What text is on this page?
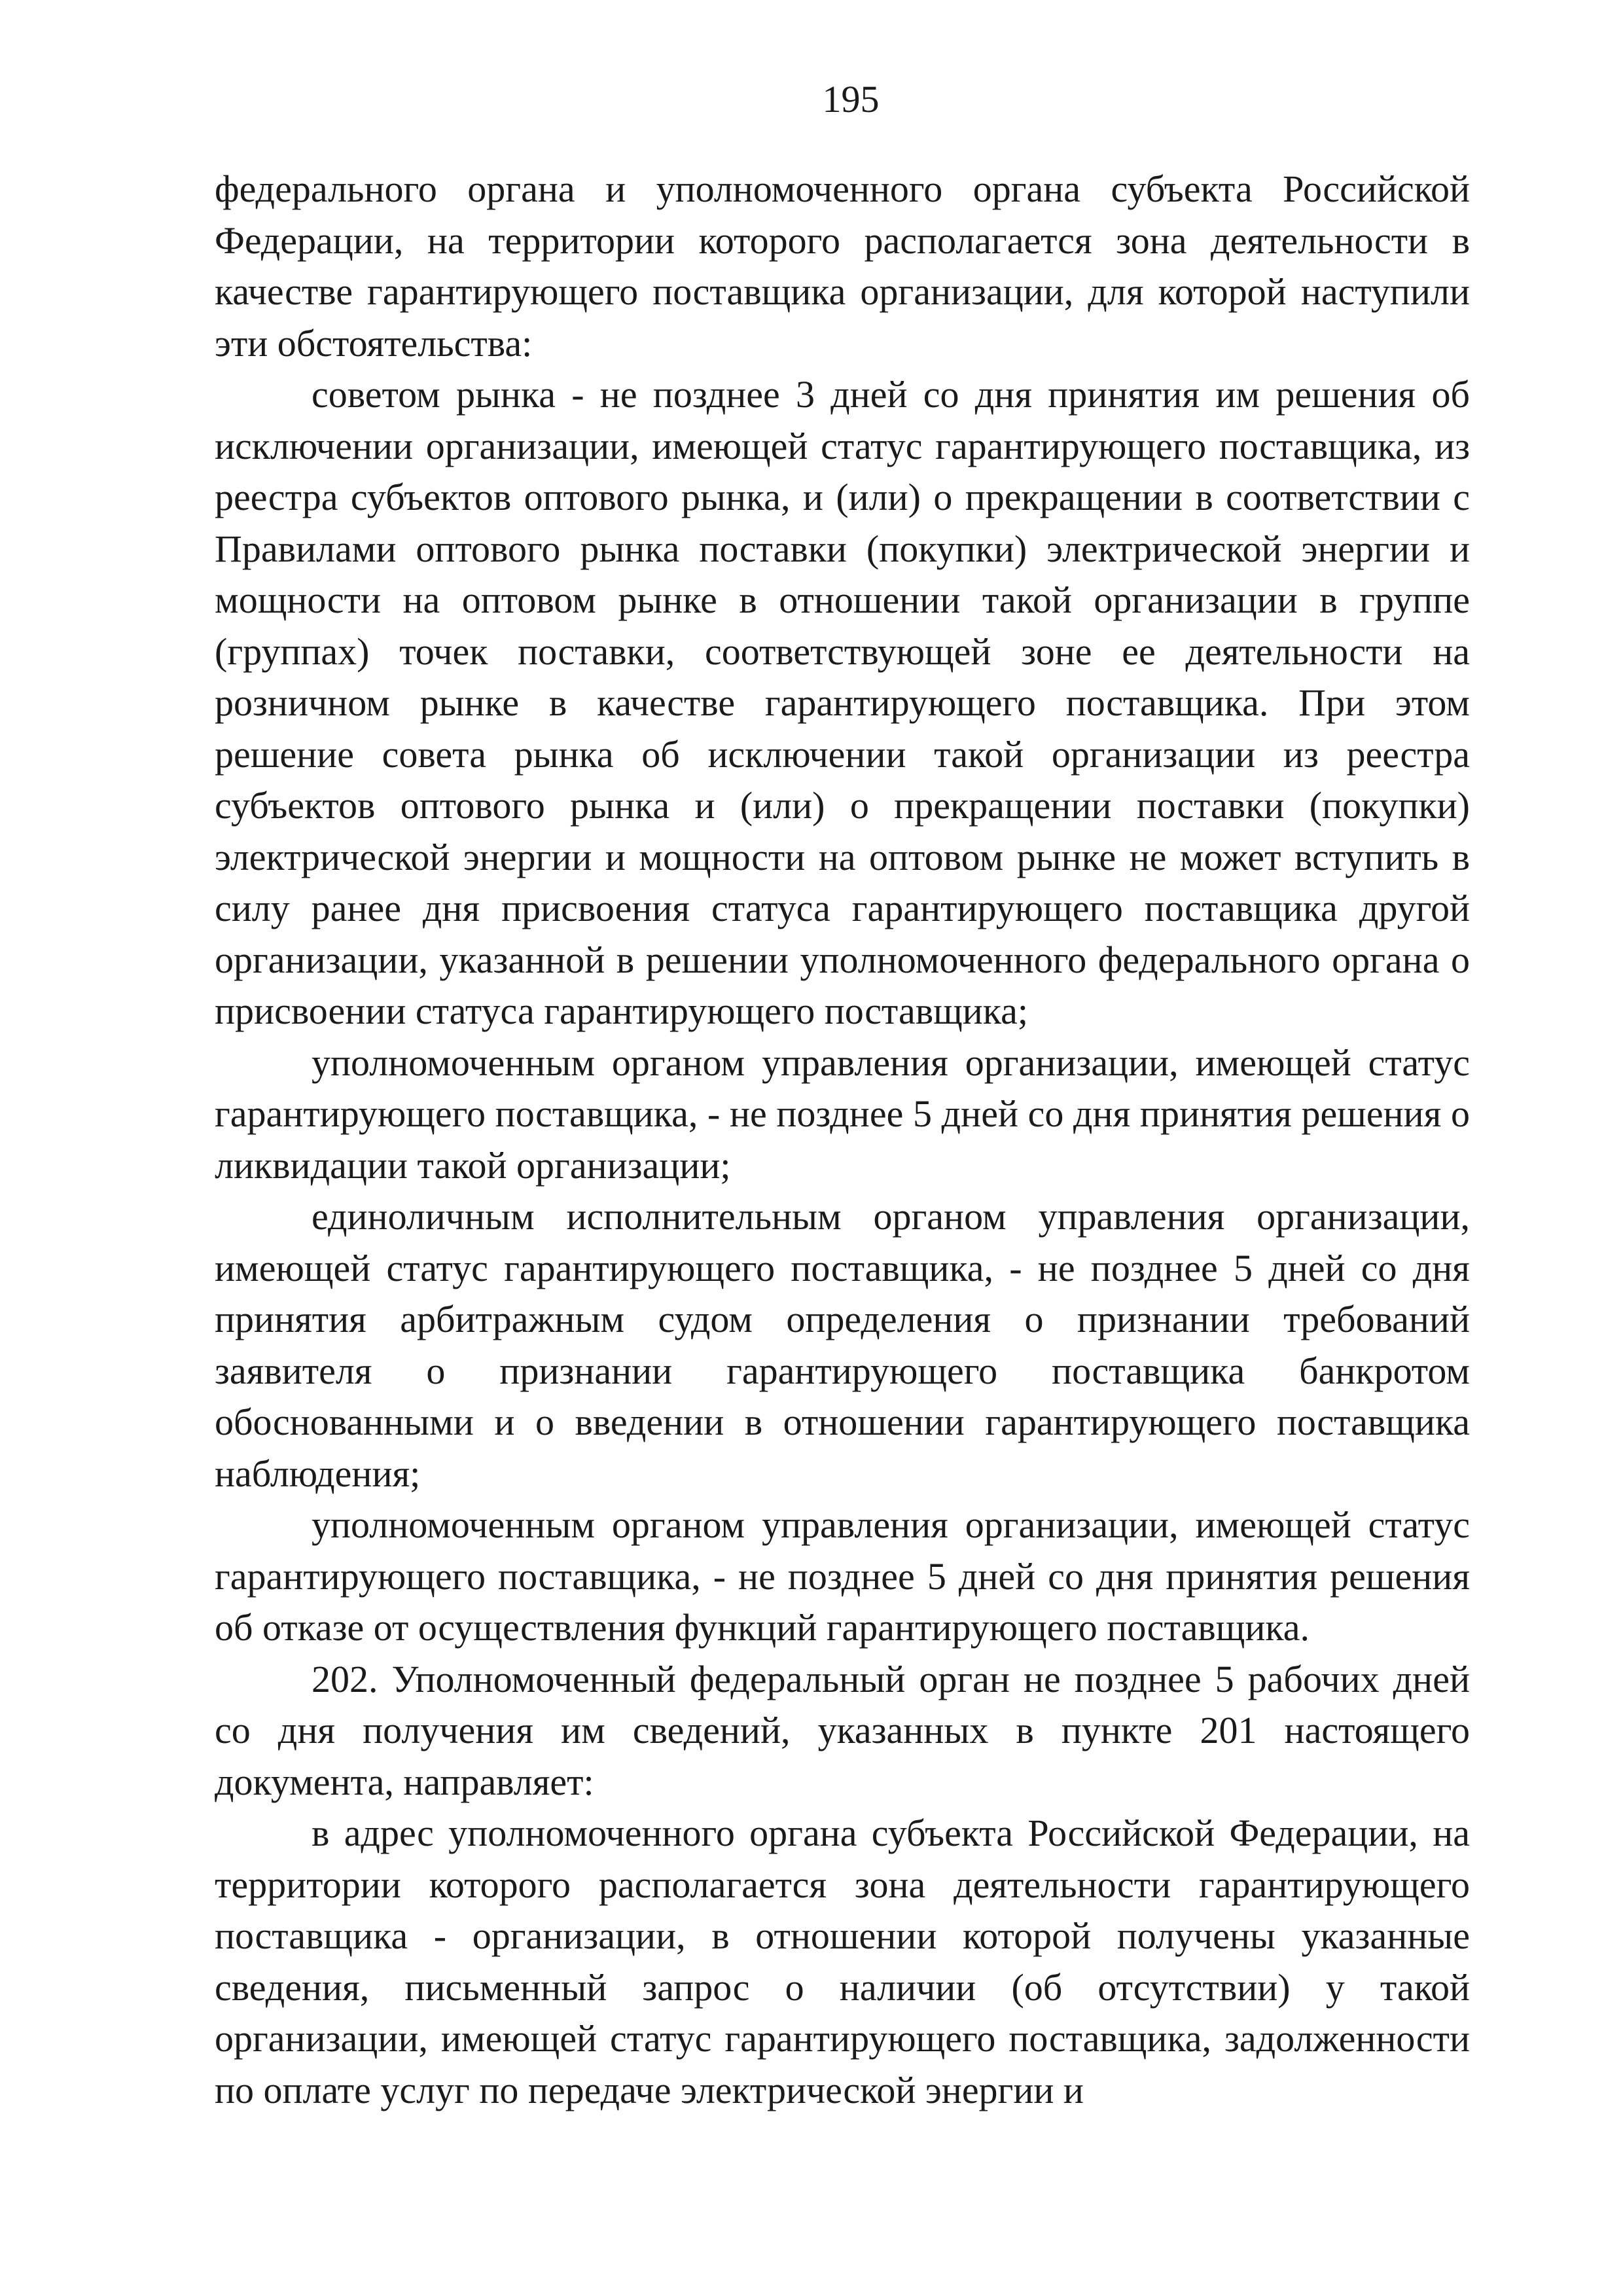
195

федерального органа и уполномоченного органа субъекта Российской Федерации, на территории которого располагается зона деятельности в качестве гарантирующего поставщика организации, для которой наступили эти обстоятельства:

советом рынка - не позднее 3 дней со дня принятия им решения об исключении организации, имеющей статус гарантирующего поставщика, из реестра субъектов оптового рынка, и (или) о прекращении в соответствии с Правилами оптового рынка поставки (покупки) электрической энергии и мощности на оптовом рынке в отношении такой организации в группе (группах) точек поставки, соответствующей зоне ее деятельности на розничном рынке в качестве гарантирующего поставщика. При этом решение совета рынка об исключении такой организации из реестра субъектов оптового рынка и (или) о прекращении поставки (покупки) электрической энергии и мощности на оптовом рынке не может вступить в силу ранее дня присвоения статуса гарантирующего поставщика другой организации, указанной в решении уполномоченного федерального органа о присвоении статуса гарантирующего поставщика;

уполномоченным органом управления организации, имеющей статус гарантирующего поставщика, - не позднее 5 дней со дня принятия решения о ликвидации такой организации;

единоличным исполнительным органом управления организации, имеющей статус гарантирующего поставщика, - не позднее 5 дней со дня принятия арбитражным судом определения о признании требований заявителя о признании гарантирующего поставщика банкротом обоснованными и о введении в отношении гарантирующего поставщика наблюдения;

уполномоченным органом управления организации, имеющей статус гарантирующего поставщика, - не позднее 5 дней со дня принятия решения об отказе от осуществления функций гарантирующего поставщика.

202. Уполномоченный федеральный орган не позднее 5 рабочих дней со дня получения им сведений, указанных в пункте 201 настоящего документа, направляет:

в адрес уполномоченного органа субъекта Российской Федерации, на территории которого располагается зона деятельности гарантирующего поставщика - организации, в отношении которой получены указанные сведения, письменный запрос о наличии (об отсутствии) у такой организации, имеющей статус гарантирующего поставщика, задолженности по оплате услуг по передаче электрической энергии и
